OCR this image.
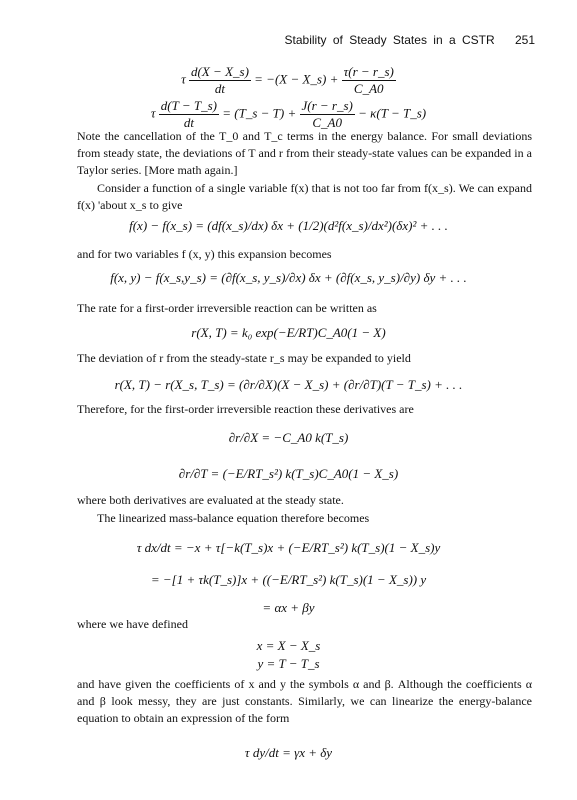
Stability of Steady States in a CSTR 251
τ $\frac{d(X - X\_s)}{dt} = -(X$ − X_s) + $\frac{\tau(r - r\_s)}{C\_A0}$
τ $\frac{d(T - T\_s)}{dt}$ = (T_s − $T) + \frac{J(r - r\_s)}{C\_A0} - \kappa(T$ − T_s)
Note the cancellation of the T_0 and T_c terms in the energy balance. For small deviations from steady state, the deviations of T and r from their steady-state values can be expanded in a Taylor series. [More math again.]
Consider a function of a single variable f(x) that is not too far from f(x_s). We can expand f(x) 'about x_s to give
f(x) − f(x_s) = (df(x_s)/dx) δx + (1/2)(d²f(x_s)/dx²)(δx)² + . . .
and for two variables f (x, y) this expansion becomes
f(x, y) − f(x_s,y_s) = (∂f(x_s, y_s)/∂x) δx + (∂f(x_s, y_s)/∂y) δy + . . .
The rate for a first-order irreversible reaction can be written as
r(X, T) = k₀ exp(−E/RT)C_A0(1 − X)
The deviation of r from the steady-state r_s may be expanded to yield
r(X, T) − r(X_s, T_s) = (∂r/∂X)(X − X_s) + (∂r/∂T)(T − T_s) + . . .
Therefore, for the first-order irreversible reaction these derivatives are
∂r/∂X = −C_A0 k(T_s)
∂r/∂T = (−E/RT_s²) k(T_s)C_A0(1 − X_s)
where both derivatives are evaluated at the steady state.
The linearized mass-balance equation therefore becomes
τ dx/dt = −x + τ[−k(T_s)x + (−E/RT_s²) k(T_s)(1 − X_s)y
= −[1 + τk(T_s)]x + ((−E/RT_s²) k(T_s)(1 − X_s)) y
= αx + βy
where we have defined
x = X − X_s
y = T − T_s
and have given the coefficients of x and y the symbols α and β. Although the coefficients α and β look messy, they are just constants. Similarly, we can linearize the energy-balance equation to obtain an expression of the form
τ dy/dt = γx + δy
